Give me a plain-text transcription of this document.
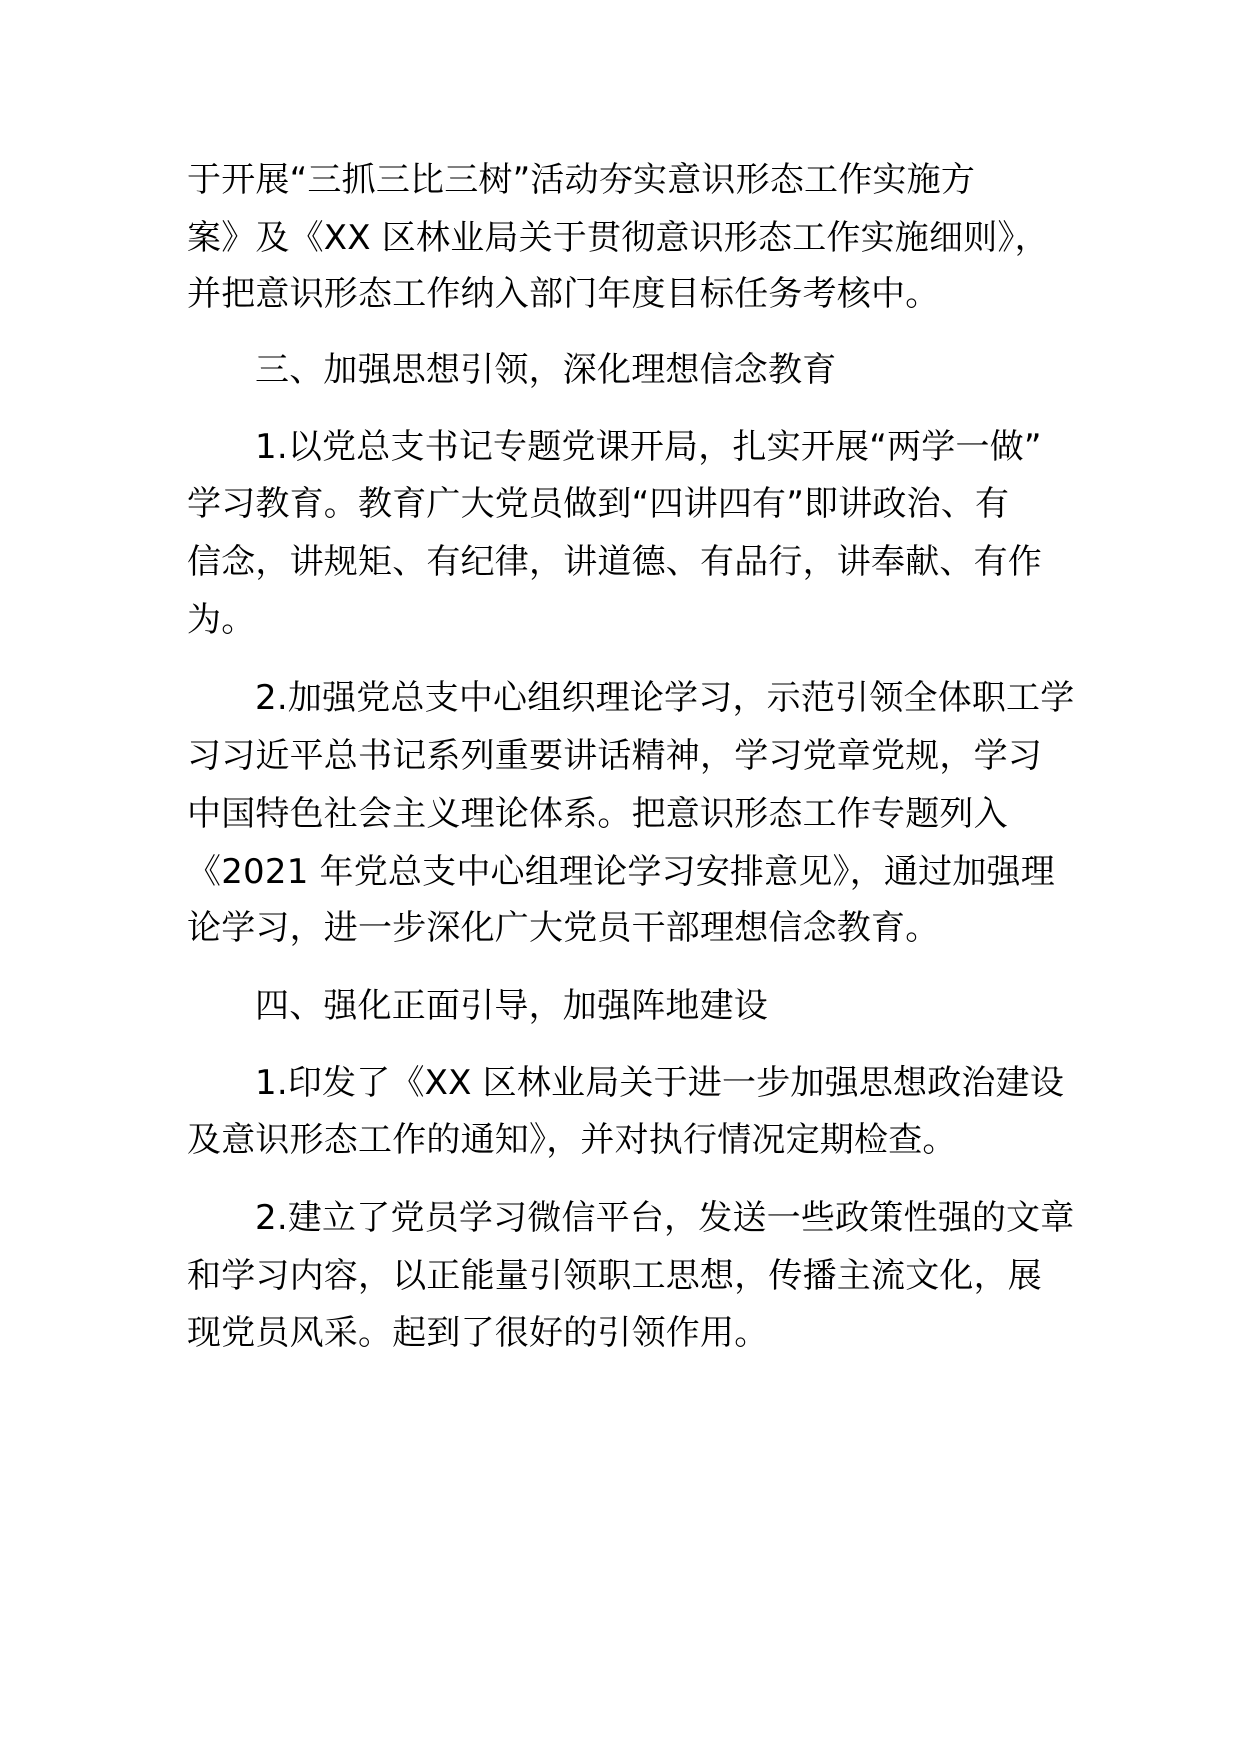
于开展“三抓三比三树”活动夯实意识形态工作实施方

案》及《XX 区林业局关于贯彻意识形态工作实施细则》，

并把意识形态工作纳入部门年度目标任务考核中。

三、加强思想引领，深化理想信念教育

1.以党总支书记专题党课开局，扎实开展“两学一做”

学习教育。教育广大党员做到“四讲四有”即讲政治、有

信念，讲规矩、有纪律，讲道德、有品行，讲奉献、有作

为。

2.加强党总支中心组织理论学习，示范引领全体职工学

习习近平总书记系列重要讲话精神，学习党章党规，学习

中国特色社会主义理论体系。把意识形态工作专题列入

《2021 年党总支中心组理论学习安排意见》，通过加强理

论学习，进一步深化广大党员干部理想信念教育。

四、强化正面引导，加强阵地建设

1.印发了《XX 区林业局关于进一步加强思想政治建设

及意识形态工作的通知》，并对执行情况定期检查。

2.建立了党员学习微信平台，发送一些政策性强的文章

和学习内容，以正能量引领职工思想，传播主流文化，展

现党员风采。起到了很好的引领作用。
